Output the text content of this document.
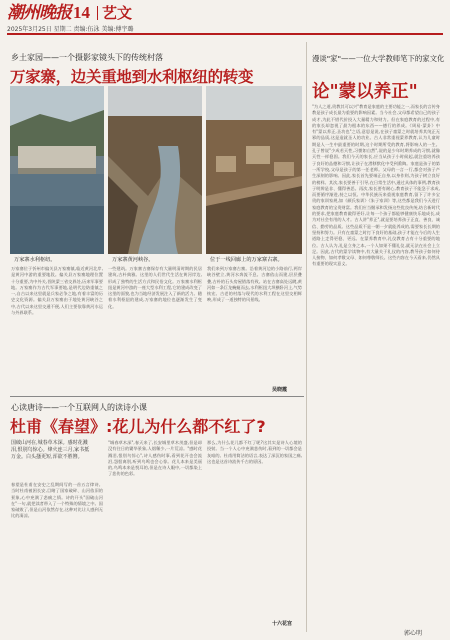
潮州晚报 14 艺文
2025年3月25日 星期二 责编:伍泳 美编:傅宇璐
乡土家园——一个摄影家镜头下的传统村落
万家寨，边关重地到水利枢纽的转变
万家寨水利枢纽。	万家寨黄河峡谷。	位于一线回廊上的万家寨古寨。
万家寨位于忻州市偏关县万家寨镇,临近黄河北岸,是黄河中游的重要地段。偏关县万家寨地理位置十分重要,为中外关,晋陕蒙三省交界处,历来军事要地。万家寨作为古代军事要地,是明代边防重镇之一,自古以来这里就是兵家必争之地,有着丰富的历史文化资源。偏关县万家寨由于地处黄河峡谷之中,古代以来这里交通不便,人们主要依靠黄河水运与外界联系。
一些建筑。万家寨古寨保存有大量明清时期的民居建筑,古朴典雅。这里的人们世代生活在黄河岸边,形成了独特的生活方式和民俗文化。万家寨水利枢纽是黄河中游的一座大型水利工程,它的建成改变了这里的面貌,也为当地经济发展注入了新的活力。随着水利枢纽的建成,万家寨的地位也逐渐发生了变化。
我们来到万家寨古寨。沿着黄河边的小路前行,两岸峡谷壁立,黄河水奔流不息。古寨依山而建,层层叠叠,古朴的石头房屋错落有致。站在古寨高处远眺,黄河如一条巨龙蜿蜒而去,水利枢纽大坝横卧河上,气势恢宏。古老的村落与现代的水利工程在这里交相辉映,形成了一道独特的风景线。
吴晓霞
漫谈"家"——一位大学教师笔下的家文化
论"蒙以养正"
"为人之道,贵教其可以兴"教育是家庭的主要功能之一,而家长的言传身教是孩子成长最为重要的影响因素。当今社会,父母都希望自己的孩子成才,为此不惜代价投入大量精力和财力。但在家庭教育的过程中,有的家长却忽视了最为根本的东西——德行的养成。《周易·蒙卦》中有"蒙以养正,圣功也"之语,意思是说,在孩子童蒙之时就培养其纯正无邪的品质,这是造就圣人的功业。古人非常重视蒙养教育,认为儿童时期是人一生中最重要的时期,这个时期所受的教育,将影响人的一生。孔子曾说"少成若天性,习惯如自然",说的是少年时期养成的习惯,就像天性一样稳固。我们今天的家长,应当从孩子小时候起,就注重培养孩子良好的品德和习惯,让孩子在潜移默化中受到熏陶。家庭是孩子的第一所学校,父母是孩子的第一任老师。父母的一言一行,都会对孩子产生深刻的影响。因此,家长首先要端正自身,以身作则,为孩子树立良好的榜样。其次,家长要善于引导,在日常生活中,通过具体的事例,教育孩子明辨是非、懂得善恶。再次,家长要有耐心,教育孩子不能急于求成,而要循序渐进,持之以恒。中华民族历来重视家庭教育,留下了许多宝贵的家训家规,如《颜氏家训》《朱子家训》等,这些都是我们今天进行家庭教育的宝贵财富。我们应当继承和发扬这些优良传统,结合新时代的要求,把家庭教育做得更好,让每一个孩子都能够健康快乐地成长,成为对社会有用的人才。古人讲"养正",就是要培养孩子正直、善良、诚信、勤劳的品质。这些品质不是一朝一夕就能养成的,需要家长长期的坚持和努力。只有在童蒙之时打下良好的基础,孩子才能在今后的人生道路上走得更稳、更远。在蒙养教育中,礼仪教育占有十分重要的地位。古人认为,礼是立身之本,一个人如果不懂礼仪,就无法在社会上立足。因此,古代的蒙学读物中,有大量关于礼仪的内容,教导孩子如何待人接物、如何孝敬父母、如何尊敬师长。这些内容在今天看来,仍然具有重要的现实意义。
心读唐诗——一个互联网人的读诗小课
杜甫《春望》:花儿为什么都不红了?
国破山河在,城春草木深。感时花溅泪,恨别鸟惊心。烽火连三月,家书抵万金。白头搔更短,浑欲不胜簪。
春望是杜甫在安史之乱期间写的一首五言律诗。当时杜甫被困长安,目睹了国家破碎、山河依旧的景象,心中充满了悲痛之情。诗的开头"国破山河在"一句,就把读者带入了一个特殊的情境之中。国家破败了,但是山河依然存在,这种对比让人感到无比的凄凉。
"城春草木深",春天来了,长安城里草木茂盛,但是却没有往日的繁华景象,人烟稀少,一片荒凉。"感时花溅泪,恨别鸟惊心",诗人感伤时事,看到花开也会流泪,怨恨离别,听到鸟鸣也会心惊。花儿本来是美丽的,鸟鸣本来是悦耳的,但是在诗人眼中,一切都染上了悲伤的色彩。
那么,为什么花儿都不红了呢?这其实是诗人心境的投射。当一个人心中充满悲伤时,看到的一切都会是灰暗的。杜甫用简洁的语言,表达了深沉的家国之痛,这也是这首诗流传千古的原因。
十六花宫
郭心明
